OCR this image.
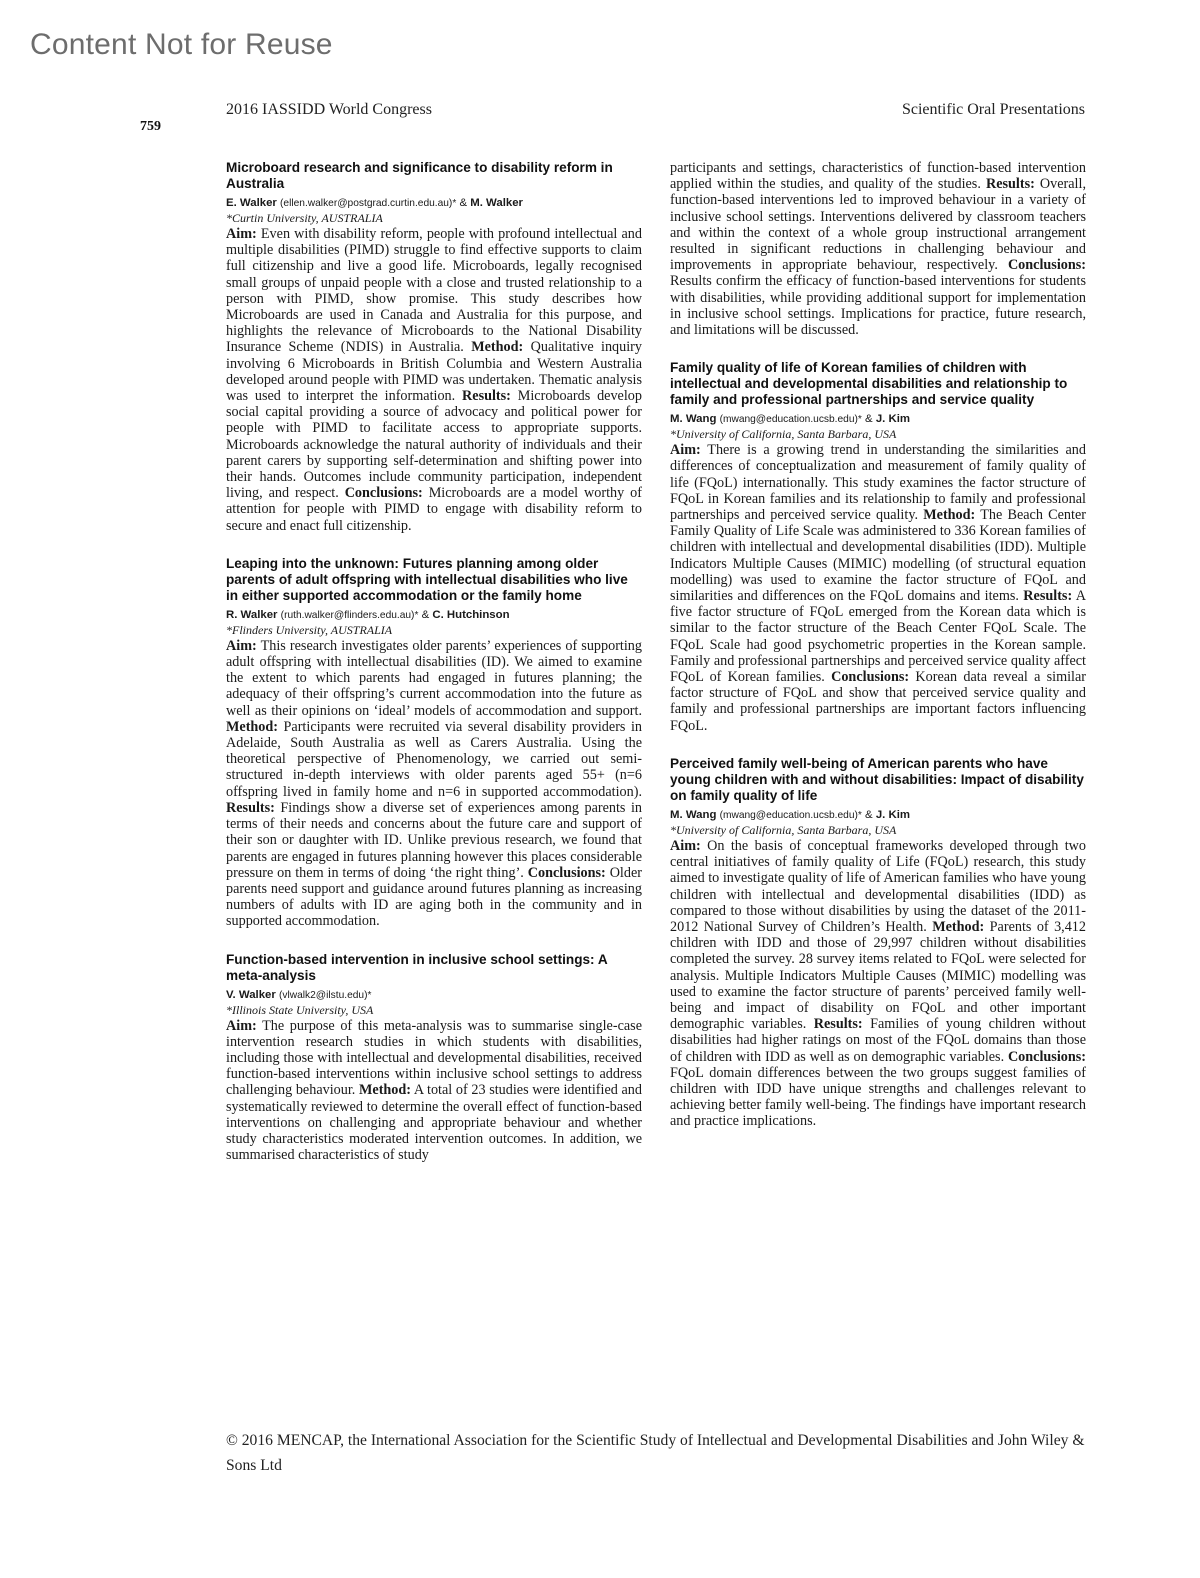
Content Not for Reuse
2016 IASSIDD World Congress	Scientific Oral Presentations
759
Microboard research and significance to disability reform in Australia

E. Walker (ellen.walker@postgrad.curtin.edu.au)* & M. Walker

*Curtin University, AUSTRALIA

Aim: Even with disability reform, people with profound intellectual and multiple disabilities (PIMD) struggle to find effective supports to claim full citizenship and live a good life. Microboards, legally recognised small groups of unpaid people with a close and trusted relationship to a person with PIMD, show promise. This study describes how Microboards are used in Canada and Australia for this purpose, and highlights the relevance of Microboards to the National Disability Insurance Scheme (NDIS) in Australia. Method: Qualitative inquiry involving 6 Microboards in British Columbia and Western Australia developed around people with PIMD was undertaken. Thematic analysis was used to interpret the information. Results: Microboards develop social capital providing a source of advocacy and political power for people with PIMD to facilitate access to appropriate supports. Microboards acknowledge the natural authority of individuals and their parent carers by supporting self-determination and shifting power into their hands. Outcomes include community participation, independent living, and respect. Conclusions: Microboards are a model worthy of attention for people with PIMD to engage with disability reform to secure and enact full citizenship.

Leaping into the unknown: Futures planning among older parents of adult offspring with intellectual disabilities who live in either supported accommodation or the family home

R. Walker (ruth.walker@flinders.edu.au)* & C. Hutchinson

*Flinders University, AUSTRALIA

Aim: This research investigates older parents’ experiences of supporting adult offspring with intellectual disabilities (ID). We aimed to examine the extent to which parents had engaged in futures planning; the adequacy of their offspring’s current accommodation into the future as well as their opinions on ‘ideal’ models of accommodation and support. Method: Participants were recruited via several disability providers in Adelaide, South Australia as well as Carers Australia. Using the theoretical perspective of Phenomenology, we carried out semi-structured in-depth interviews with older parents aged 55+ (n=6 offspring lived in family home and n=6 in supported accommodation). Results: Findings show a diverse set of experiences among parents in terms of their needs and concerns about the future care and support of their son or daughter with ID. Unlike previous research, we found that parents are engaged in futures planning however this places considerable pressure on them in terms of doing ‘the right thing’. Conclusions: Older parents need support and guidance around futures planning as increasing numbers of adults with ID are aging both in the community and in supported accommodation.

Function-based intervention in inclusive school settings: A meta-analysis

V. Walker (vlwalk2@ilstu.edu)*

*Illinois State University, USA

Aim: The purpose of this meta-analysis was to summarise single-case intervention research studies in which students with disabilities, including those with intellectual and developmental disabilities, received function-based interventions within inclusive school settings to address challenging behaviour. Method: A total of 23 studies were identified and systematically reviewed to determine the overall effect of function-based interventions on challenging and appropriate behaviour and whether study characteristics moderated intervention outcomes. In addition, we summarised characteristics of study

participants and settings, characteristics of function-based intervention applied within the studies, and quality of the studies. Results: Overall, function-based interventions led to improved behaviour in a variety of inclusive school settings. Interventions delivered by classroom teachers and within the context of a whole group instructional arrangement resulted in significant reductions in challenging behaviour and improvements in appropriate behaviour, respectively. Conclusions: Results confirm the efficacy of function-based interventions for students with disabilities, while providing additional support for implementation in inclusive school settings. Implications for practice, future research, and limitations will be discussed.

Family quality of life of Korean families of children with intellectual and developmental disabilities and relationship to family and professional partnerships and service quality

M. Wang (mwang@education.ucsb.edu)* & J. Kim

*University of California, Santa Barbara, USA

Aim: There is a growing trend in understanding the similarities and differences of conceptualization and measurement of family quality of life (FQoL) internationally. This study examines the factor structure of FQoL in Korean families and its relationship to family and professional partnerships and perceived service quality. Method: The Beach Center Family Quality of Life Scale was administered to 336 Korean families of children with intellectual and developmental disabilities (IDD). Multiple Indicators Multiple Causes (MIMIC) modelling (of structural equation modelling) was used to examine the factor structure of FQoL and similarities and differences on the FQoL domains and items. Results: A five factor structure of FQoL emerged from the Korean data which is similar to the factor structure of the Beach Center FQoL Scale. The FQoL Scale had good psychometric properties in the Korean sample. Family and professional partnerships and perceived service quality affect FQoL of Korean families. Conclusions: Korean data reveal a similar factor structure of FQoL and show that perceived service quality and family and professional partnerships are important factors influencing FQoL.

Perceived family well-being of American parents who have young children with and without disabilities: Impact of disability on family quality of life

M. Wang (mwang@education.ucsb.edu)* & J. Kim

*University of California, Santa Barbara, USA

Aim: On the basis of conceptual frameworks developed through two central initiatives of family quality of Life (FQoL) research, this study aimed to investigate quality of life of American families who have young children with intellectual and developmental disabilities (IDD) as compared to those without disabilities by using the dataset of the 2011-2012 National Survey of Children’s Health. Method: Parents of 3,412 children with IDD and those of 29,997 children without disabilities completed the survey. 28 survey items related to FQoL were selected for analysis. Multiple Indicators Multiple Causes (MIMIC) modelling was used to examine the factor structure of parents’ perceived family well-being and impact of disability on FQoL and other important demographic variables. Results: Families of young children without disabilities had higher ratings on most of the FQoL domains than those of children with IDD as well as on demographic variables. Conclusions: FQoL domain differences between the two groups suggest families of children with IDD have unique strengths and challenges relevant to achieving better family well-being. The findings have important research and practice implications.

© 2016 MENCAP, the International Association for the Scientific Study of Intellectual and Developmental Disabilities and John Wiley & Sons Ltd
